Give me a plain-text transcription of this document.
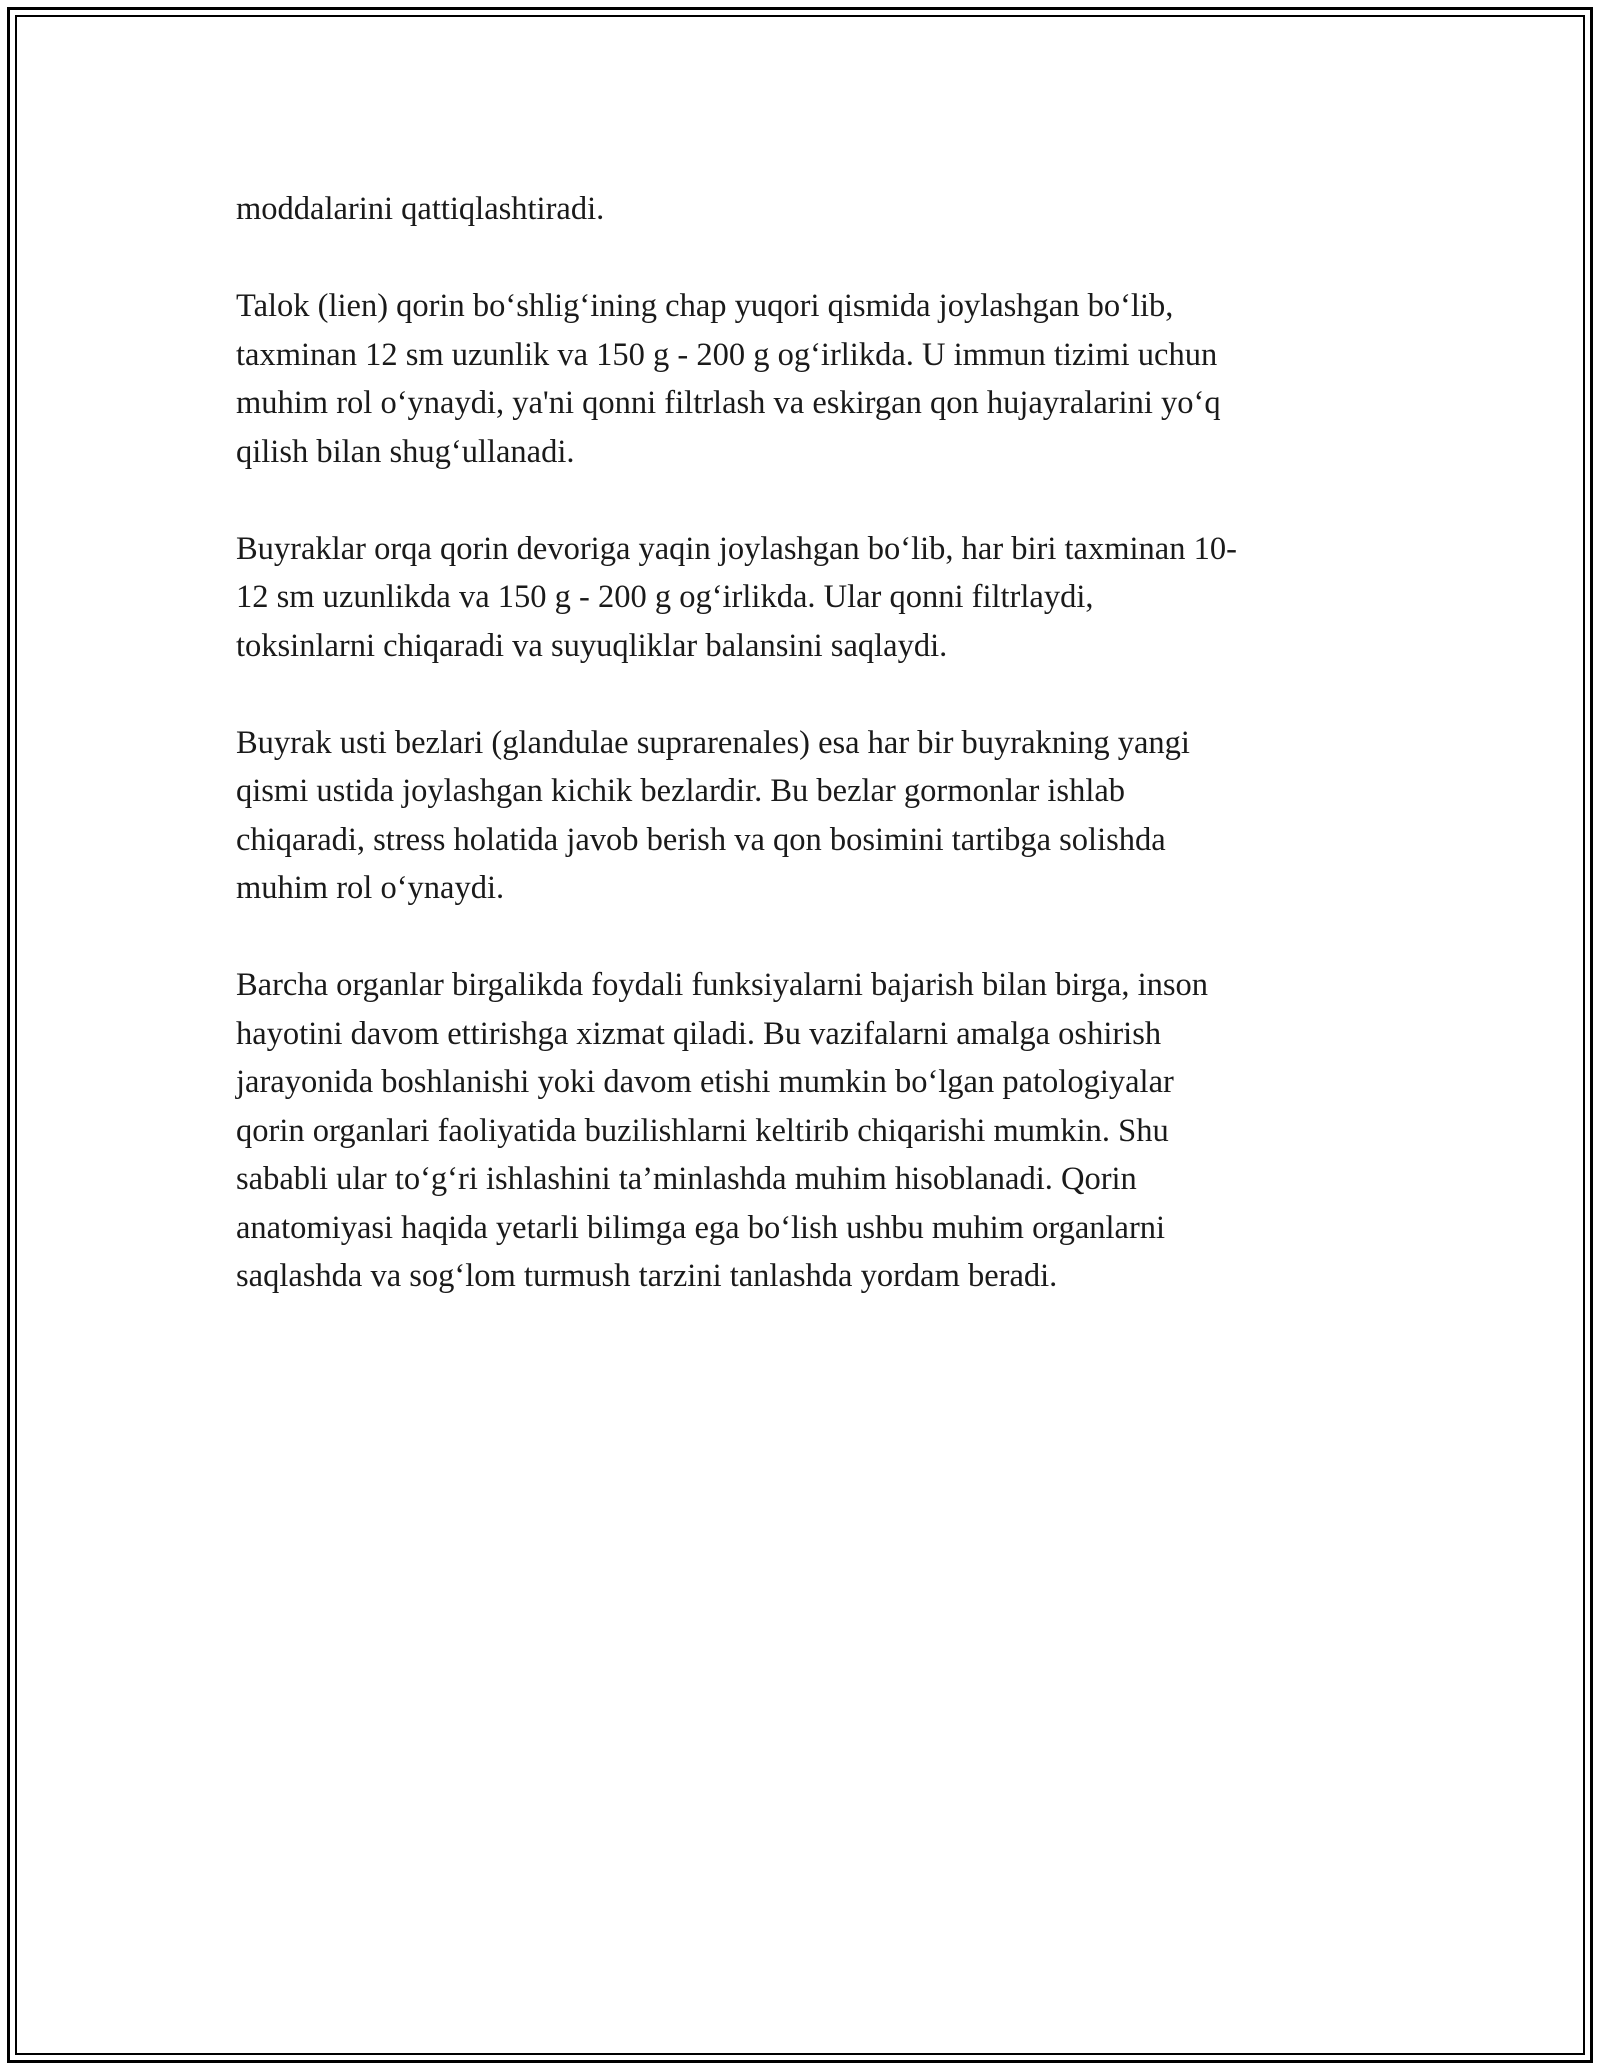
moddalarini qattiqlashtiradi.

Talok (lien) qorin bo‘shlig‘ining chap yuqori qismida joylashgan bo‘lib,
taxminan 12 sm uzunlik va 150 g - 200 g og‘irlikda. U immun tizimi uchun
muhim rol o‘ynaydi, ya'ni qonni filtrlash va eskirgan qon hujayralarini yo‘q
qilish bilan shug‘ullanadi.

Buyraklar orqa qorin devoriga yaqin joylashgan bo‘lib, har biri taxminan 10-
12 sm uzunlikda va 150 g - 200 g og‘irlikda. Ular qonni filtrlaydi,
toksinlarni chiqaradi va suyuqliklar balansini saqlaydi.

Buyrak usti bezlari (glandulae suprarenales) esa har bir buyrakning yangi
qismi ustida joylashgan kichik bezlardir. Bu bezlar gormonlar ishlab
chiqaradi, stress holatida javob berish va qon bosimini tartibga solishda
muhim rol o‘ynaydi.

Barcha organlar birgalikda foydali funksiyalarni bajarish bilan birga, inson
hayotini davom ettirishga xizmat qiladi. Bu vazifalarni amalga oshirish
jarayonida boshlanishi yoki davom etishi mumkin bo‘lgan patologiyalar
qorin organlari faoliyatida buzilishlarni keltirib chiqarishi mumkin. Shu
sababli ular to‘g‘ri ishlashini ta’minlashda muhim hisoblanadi. Qorin
anatomiyasi haqida yetarli bilimga ega bo‘lish ushbu muhim organlarni
saqlashda va sog‘lom turmush tarzini tanlashda yordam beradi.
